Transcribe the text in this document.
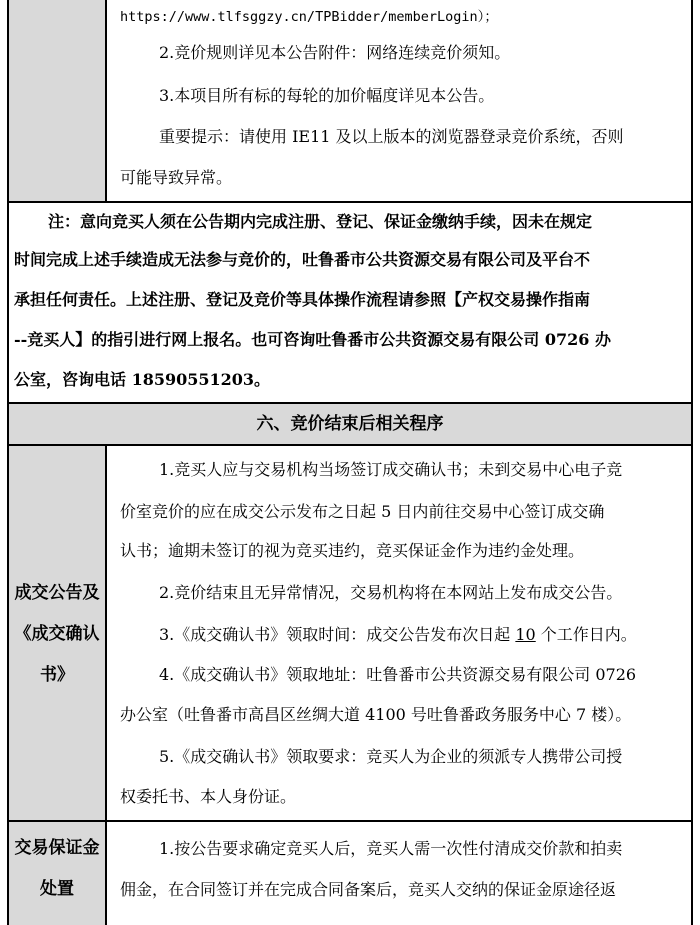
https://www.tlfsggzy.cn/TPBidder/memberLogin）；
2.竞价规则详见本公告附件：网络连续竞价须知。
3.本项目所有标的每轮的加价幅度详见本公告。
重要提示：请使用 IE11 及以上版本的浏览器登录竞价系统，否则
可能导致异常。
注：意向竞买人须在公告期内完成注册、登记、保证金缴纳手续，因未在规定
时间完成上述手续造成无法参与竞价的，吐鲁番市公共资源交易有限公司及平台不
承担任何责任。上述注册、登记及竞价等具体操作流程请参照【产权交易操作指南
--竞买人】的指引进行网上报名。也可咨询吐鲁番市公共资源交易有限公司 0726 办
公室，咨询电话 18590551203。
六、竞价结束后相关程序
成交公告及
《成交确认
书》
1.竞买人应与交易机构当场签订成交确认书；未到交易中心电子竞
价室竞价的应在成交公示发布之日起 5 日内前往交易中心签订成交确
认书；逾期未签订的视为竞买违约，竞买保证金作为违约金处理。
2.竞价结束且无异常情况，交易机构将在本网站上发布成交公告。
3.《成交确认书》领取时间：成交公告发布次日起 10 个工作日内。
4.《成交确认书》领取地址：吐鲁番市公共资源交易有限公司 0726
办公室（吐鲁番市高昌区丝绸大道 4100 号吐鲁番政务服务中心 7 楼）。
5.《成交确认书》领取要求：竞买人为企业的须派专人携带公司授
权委托书、本人身份证。
交易保证金
处置
1.按公告要求确定竞买人后，竞买人需一次性付清成交价款和拍卖
佣金，在合同签订并在完成合同备案后，竞买人交纳的保证金原途径返
